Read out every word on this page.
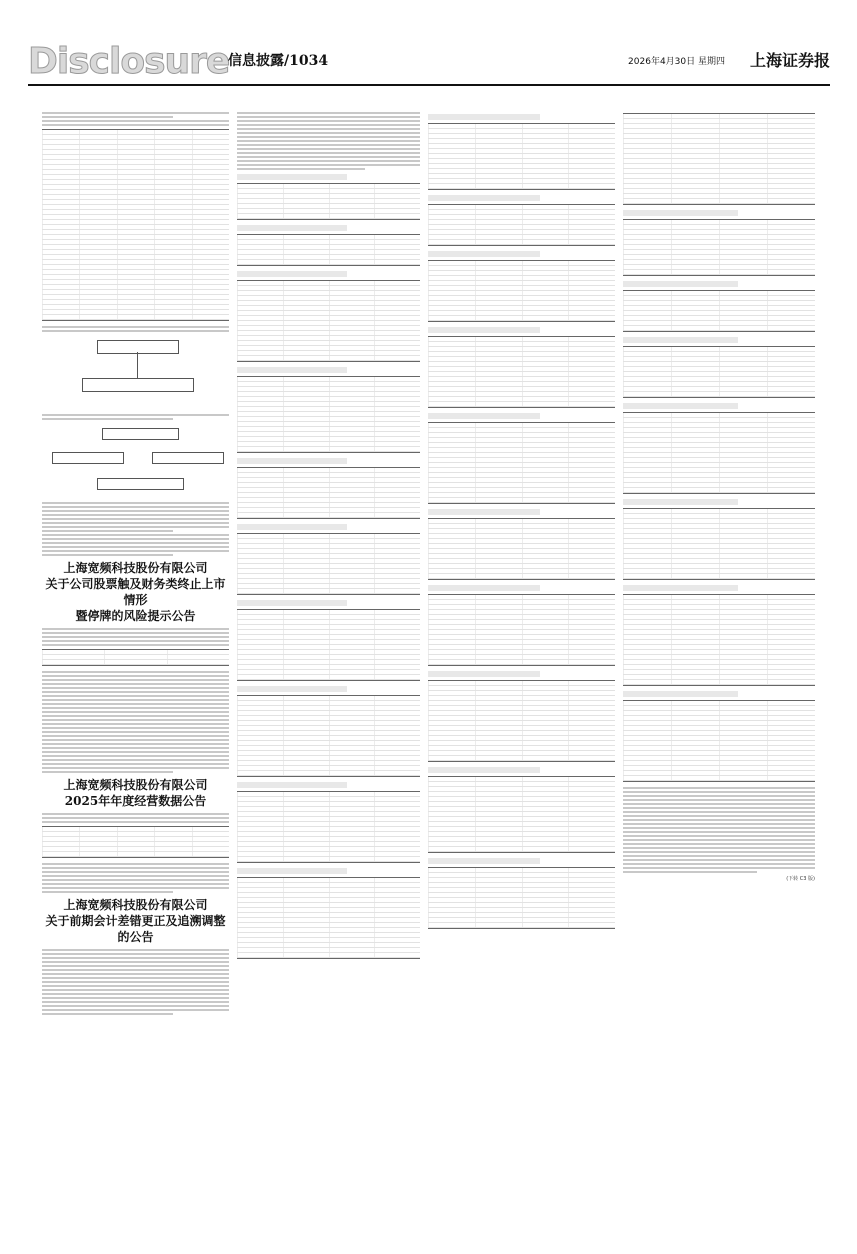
Disclosure
信息披露/1034	2026年4月30日 星期四 上海证券报
上海宽频科技股份有限公司
关于公司股票触及财务类终止上市情形
暨停牌的风险提示公告
上海宽频科技股份有限公司
2025年年度经营数据公告
上海宽频科技股份有限公司
关于前期会计差错更正及追溯调整的公告
(下转 C3 版)
